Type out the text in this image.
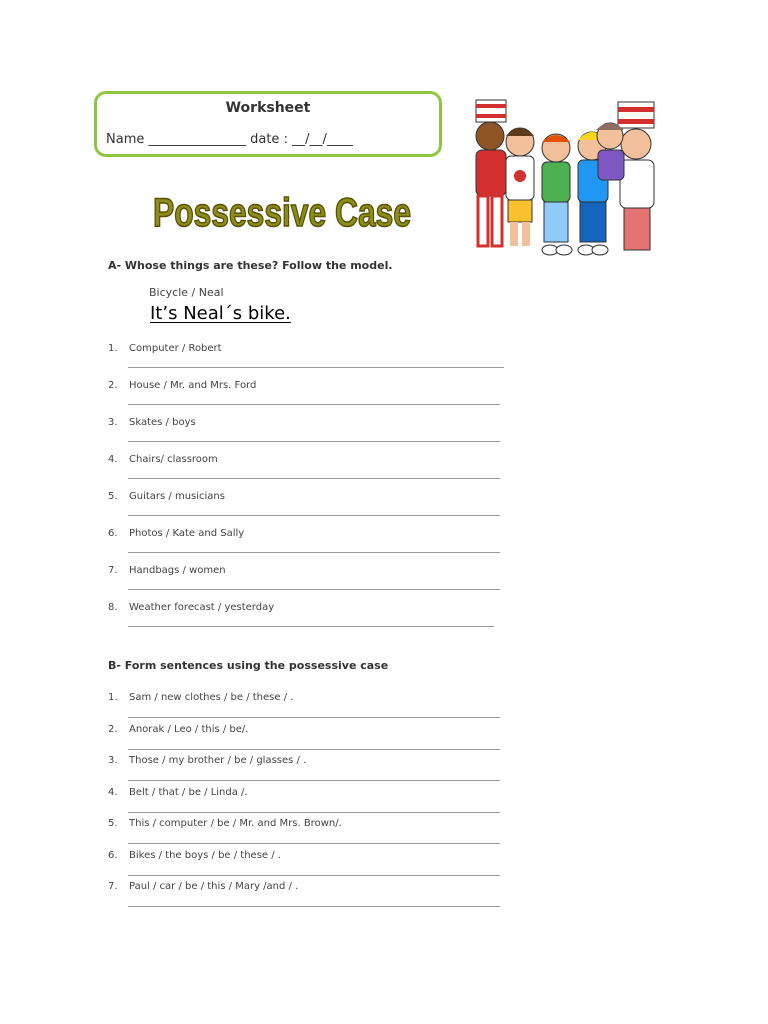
Worksheet
Name _______________ date : __/__/____
Possessive Case
A- Whose things are these? Follow the model.
Bicycle / Neal
It’s Neal´s bike.
1. Computer / Robert
2. House / Mr. and Mrs. Ford
3. Skates / boys
4. Chairs/ classroom
5. Guitars / musicians
6. Photos / Kate and Sally
7. Handbags / women
8. Weather forecast / yesterday
B- Form sentences using the possessive case
1. Sam / new clothes / be / these / .
2. Anorak / Leo / this / be/.
3. Those / my brother / be / glasses / .
4. Belt / that / be / Linda /.
5. This / computer / be / Mr. and Mrs. Brown/.
6. Bikes / the boys / be / these / .
7. Paul / car / be / this / Mary /and / .
